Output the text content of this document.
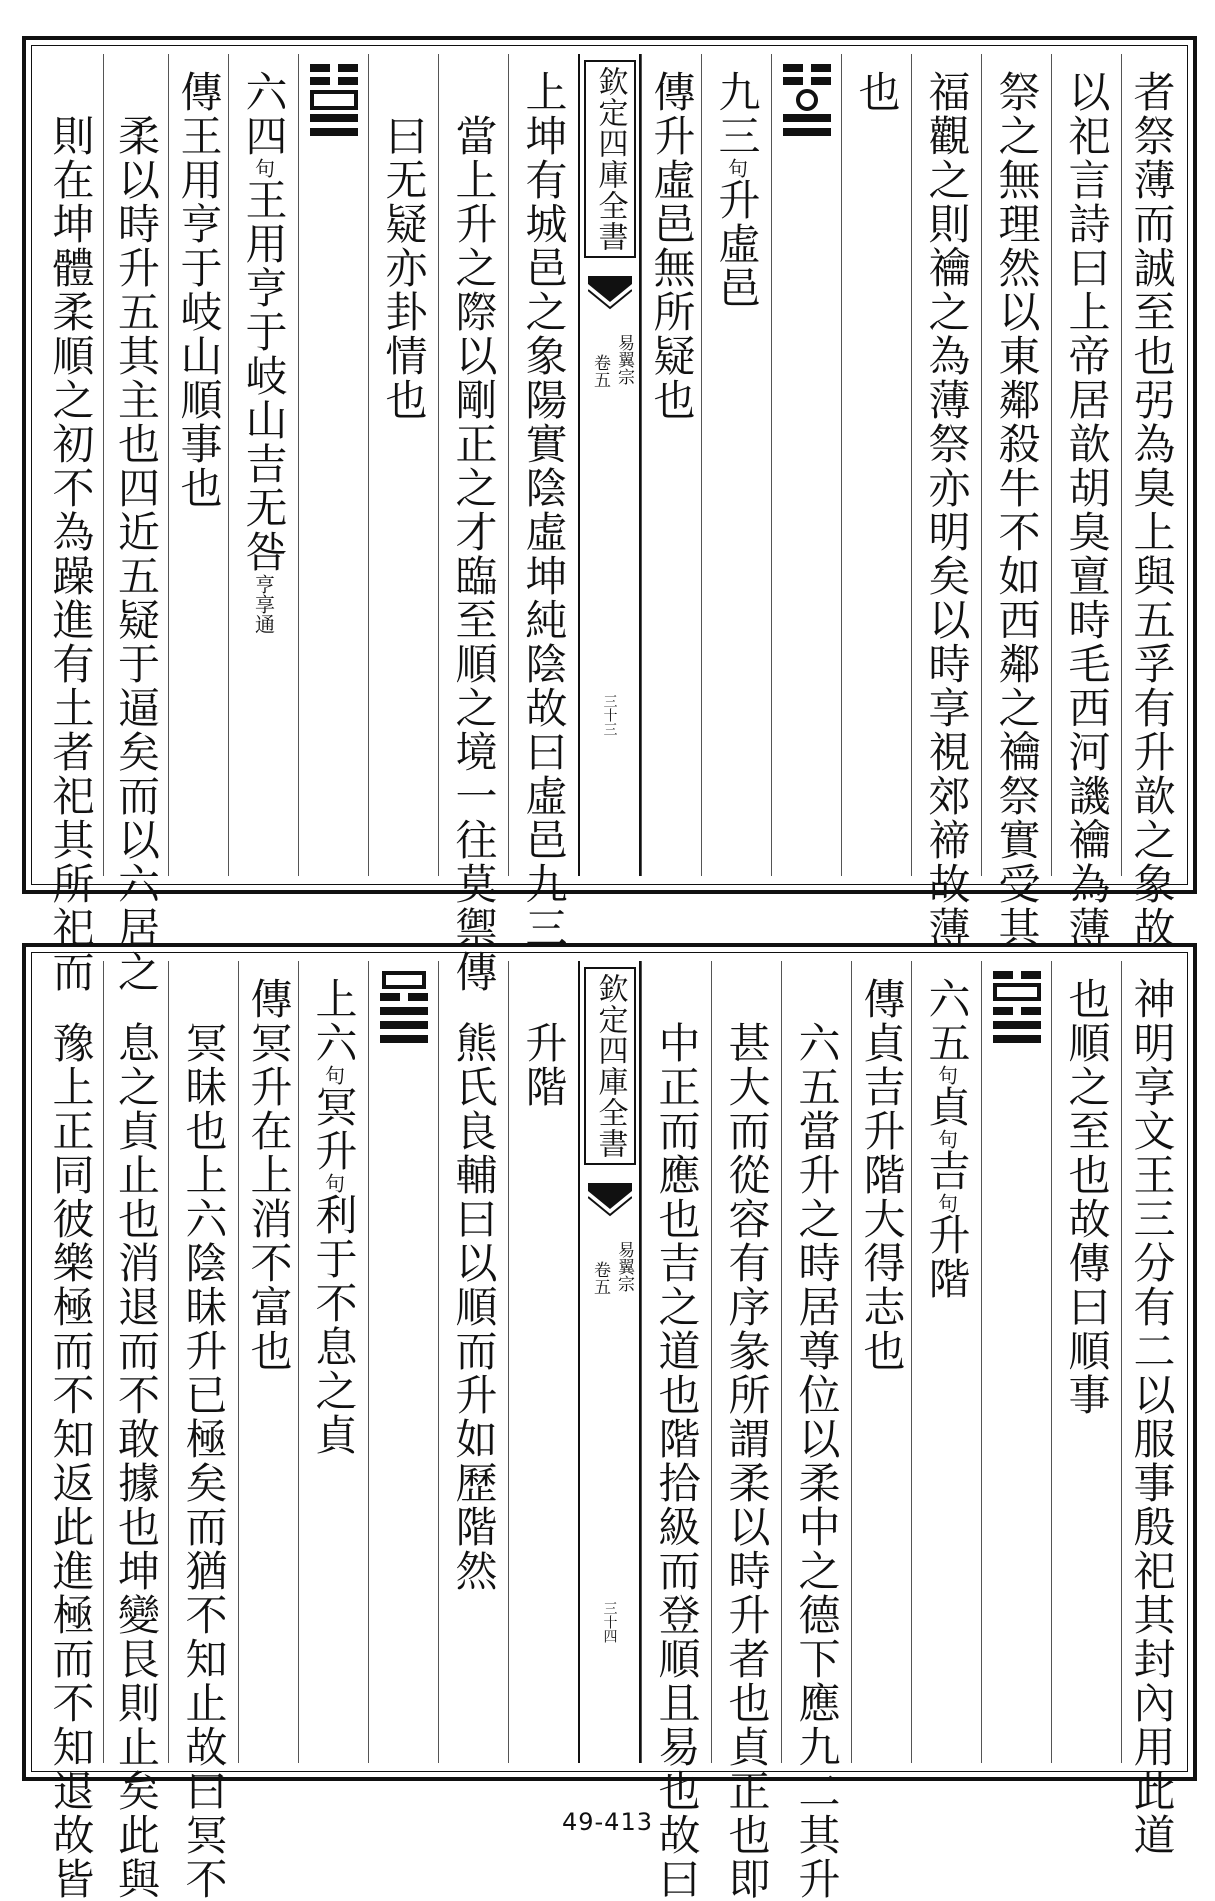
者祭薄而誠至也弜為臭上與五孚有升歆之象故
以祀言詩曰上帝居歆胡臭亶時毛西河譏禴為薄
祭之無理然以東鄰殺牛不如西鄰之禴祭實受其
福觀之則禴之為薄祭亦明矣以時享視郊禘故薄
也
九三句升虛邑
傳升虛邑無所疑也
欽定四庫全書
易翼宗
卷五
三十三
上坤有城邑之象陽實陰虛坤純陰故曰虛邑九三
當上升之際以剛正之才臨至順之境一往莫禦傳
曰无疑亦卦情也
六四句王用亨于岐山吉无咎亨享通
傳王用亨于岐山順事也
柔以時升五其主也四近五疑于逼矣而以六居之
則在坤體柔順之初不為躁進有土者祀其所祀而
神明享文王三分有二以服事殷祀其封內用此道
也順之至也故傳曰順事
六五句貞句吉句升階
傳貞吉升階大得志也
六五當升之時居尊位以柔中之德下應九二其升
甚大而從容有序彖所謂柔以時升者也貞正也即
中正而應也吉之道也階拾級而登順且易也故曰
欽定四庫全書
易翼宗
卷五
三十四
升階
熊氏良輔曰以順而升如歷階然
上六句冥升句利于不息之貞
傳冥升在上消不富也
冥昧也上六陰昧升已極矣而猶不知止故曰冥不
息之貞止也消退而不敢據也坤變艮則止矣此與
豫上正同彼樂極而不知返此進極而不知退故皆	49-413
